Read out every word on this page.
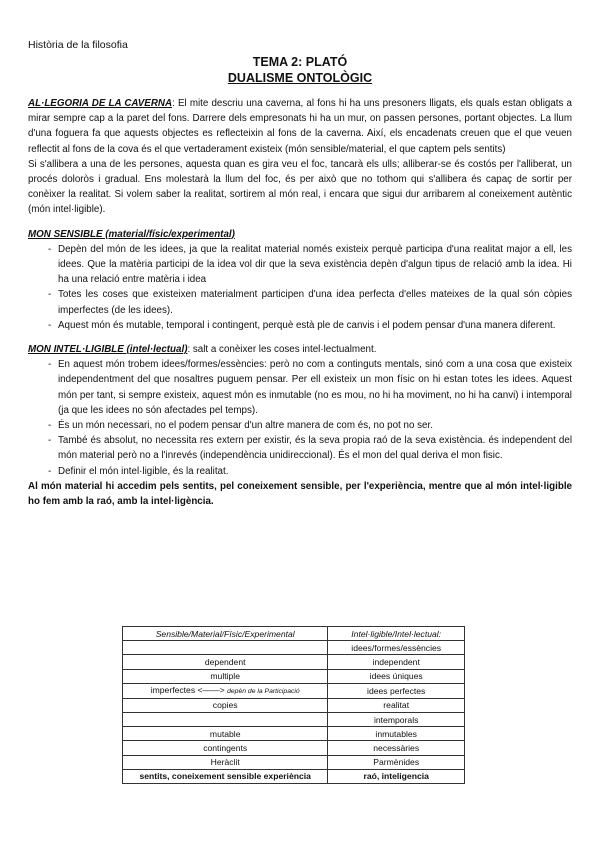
Història de la filosofia
TEMA 2: PLATÓ
DUALISME ONTOLÒGIC

AL·LEGORIA DE LA CAVERNA: El mite descriu una caverna, al fons hi ha uns presoners lligats, els quals estan obligats a mirar sempre cap a la paret del fons. Darrere dels empresonats hi ha un mur, on passen persones, portant objectes. La llum d'una foguera fa que aquests objectes es reflecteixin al fons de la caverna. Així, els encadenats creuen que el que veuen reflectit al fons de la cova és el que vertaderament existeix (món sensible/material, el que captem pels sentits)

Si s'allibera a una de les persones, aquesta quan es gira veu el foc, tancarà els ulls; alliberar-se és costós per l'alliberat, un procés doloròs i gradual. Ens molestarà la llum del foc, és per això que no tothom qui s'allibera és capaç de sortir per conèixer la realitat. Si volem saber la realitat, sortirem al món real, i encara que sigui dur arribarem al coneixement autèntic (món intel·ligible).

MON SENSIBLE (material/físic/experimental)

- Depèn del món de les idees, ja que la realitat material només existeix perquè participa d'una realitat major a ell, les idees. Que la matèria participi de la idea vol dir que la seva existència depèn d'algun tipus de relació amb la idea. Hi ha una relació entre matèria i idea
- Totes les coses que existeixen materialment participen d'una idea perfecta d'elles mateixes de la qual són còpies imperfectes (de les idees).
- Aquest món és mutable, temporal i contingent, perquè està ple de canvis i el podem pensar d'una manera diferent.

MON INTEL·LIGIBLE (intel·lectual): salt a conèixer les coses intel·lectualment.

- En aquest món trobem idees/formes/essències: però no com a continguts mentals, sinó com a una cosa que existeix independentment del que nosaltres puguem pensar. Per ell existeix un mon físic on hi estan totes les idees. Aquest món per tant, si sempre existeix, aquest món es inmutable (no es mou, no hi ha moviment, no hi ha canvi) i intemporal (ja que les idees no són afectades pel temps).
- És un món necessari, no el podem pensar d'un altre manera de com és, no pot no ser.
- També és absolut, no necessita res extern per existir, és la seva propia raó de la seva existència. és independent del món material però no a l'inrevés (independència unidireccional). És el mon del qual deriva el mon fisic.
- Definir el món intel·ligible, és la realitat.

Al món material hi accedim pels sentits, pel coneixement sensible, per l'experiència, mentre que al món intel·ligible ho fem amb la raó, amb la intel·ligència.

Sensible/Material/Físic/Experimental	Intel·ligible/Intel·lectual:
	idees/formes/essències
dependent	independent
multiple	idees úniques
imperfectes <——> depèn de la Participació	idees perfectes
copies	realitat
	intemporals
mutable	inmutables
contingents	necessàries
Heràclit	Parmènides
sentits, coneixement sensible experiència	raó, inteligencia
